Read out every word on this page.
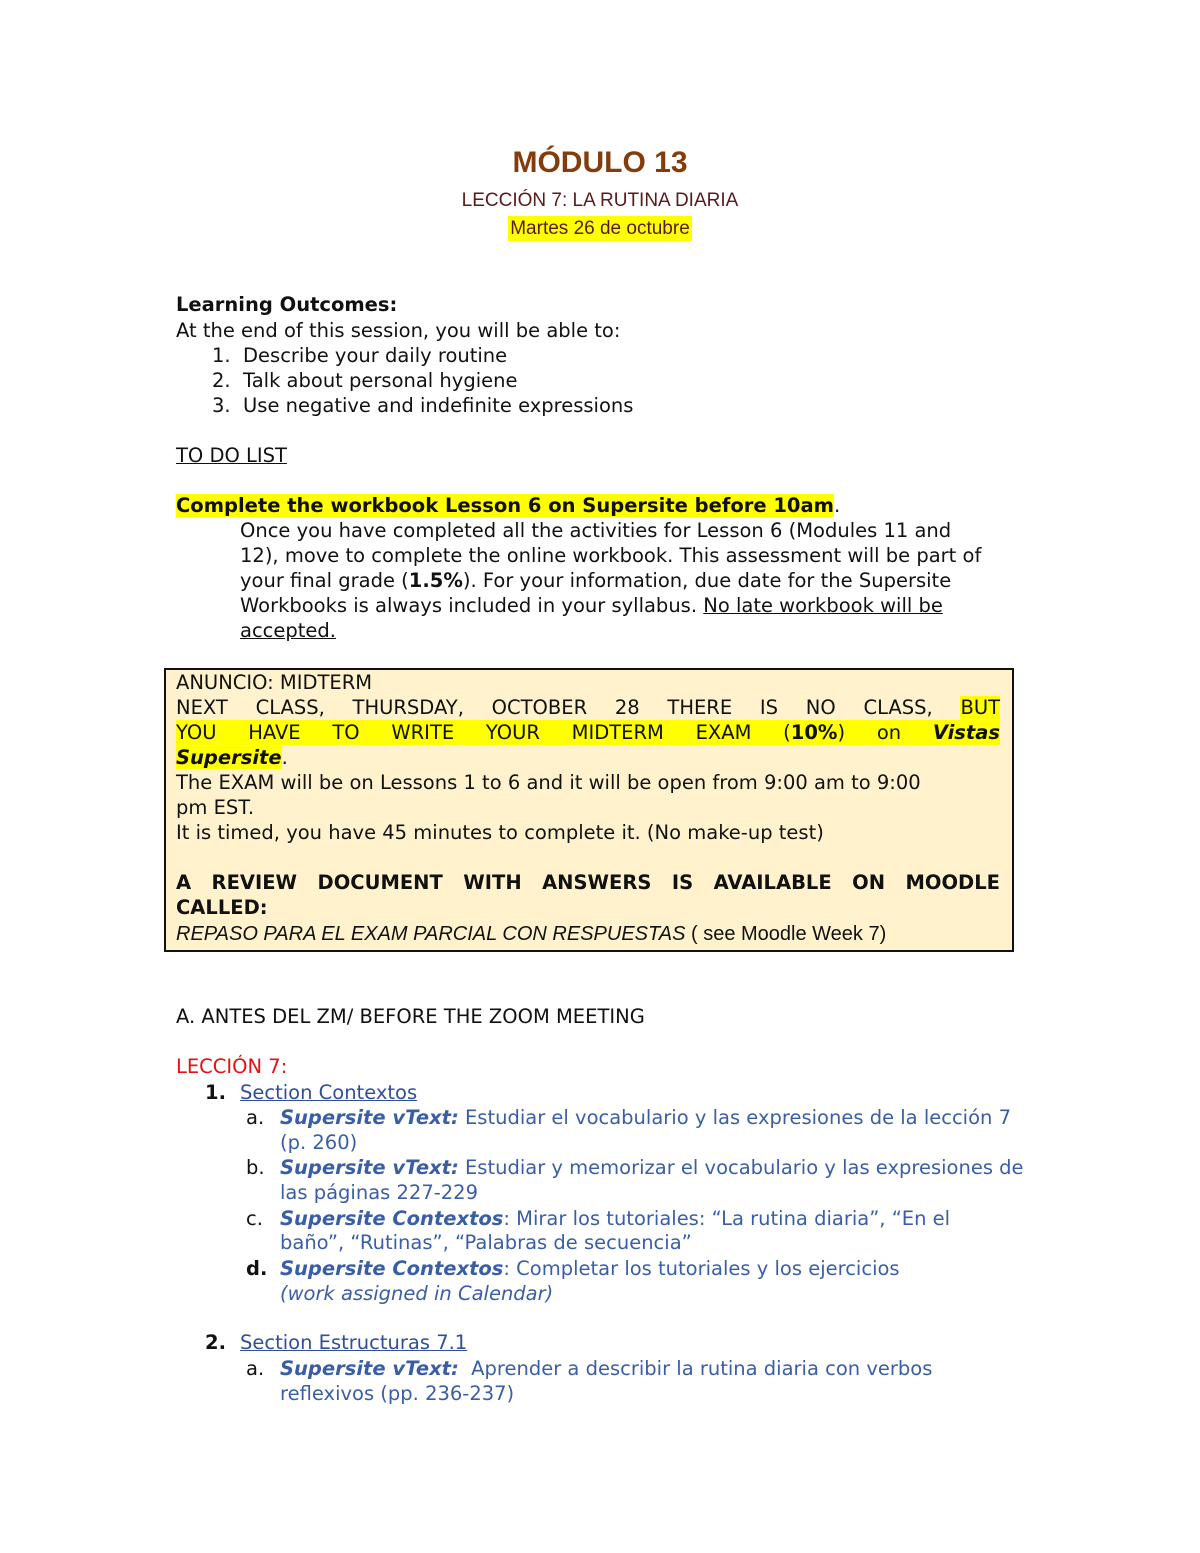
MÓDULO 13
LECCIÓN 7: LA RUTINA DIARIA
Martes 26 de octubre
Learning Outcomes:
At the end of this session, you will be able to:
1.  Describe your daily routine
2.  Talk about personal hygiene
3.  Use negative and indefinite expressions
TO DO LIST
Complete the workbook Lesson 6 on Supersite before 10am.
Once you have completed all the activities for Lesson 6 (Modules 11 and
12), move to complete the online workbook. This assessment will be part of
your final grade (1.5%). For your information, due date for the Supersite
Workbooks is always included in your syllabus. No late workbook will be
accepted.
ANUNCIO: MIDTERM
NEXT CLASS, THURSDAY, OCTOBER 28 THERE IS NO CLASS, BUT
YOU HAVE TO WRITE YOUR MIDTERM EXAM (10%) on Vistas
Supersite.
The EXAM will be on Lessons 1 to 6 and it will be open from 9:00 am to 9:00
pm EST.
It is timed, you have 45 minutes to complete it. (No make-up test)
A REVIEW DOCUMENT WITH ANSWERS IS AVAILABLE ON MOODLE
CALLED:
REPASO PARA EL EXAM PARCIAL CON RESPUESTAS ( see Moodle Week 7)
A. ANTES DEL ZM/ BEFORE THE ZOOM MEETING
LECCIÓN 7:
1. Section Contextos
a. Supersite vText: Estudiar el vocabulario y las expresiones de la lección 7
(p. 260)
b. Supersite vText: Estudiar y memorizar el vocabulario y las expresiones de
las páginas 227-229
c. Supersite Contextos: Mirar los tutoriales: “La rutina diaria”, “En el
baño”, “Rutinas”, “Palabras de secuencia”
d. Supersite Contextos: Completar los tutoriales y los ejercicios
(work assigned in Calendar)
2. Section Estructuras 7.1
a. Supersite vText:  Aprender a describir la rutina diaria con verbos
reflexivos (pp. 236-237)
